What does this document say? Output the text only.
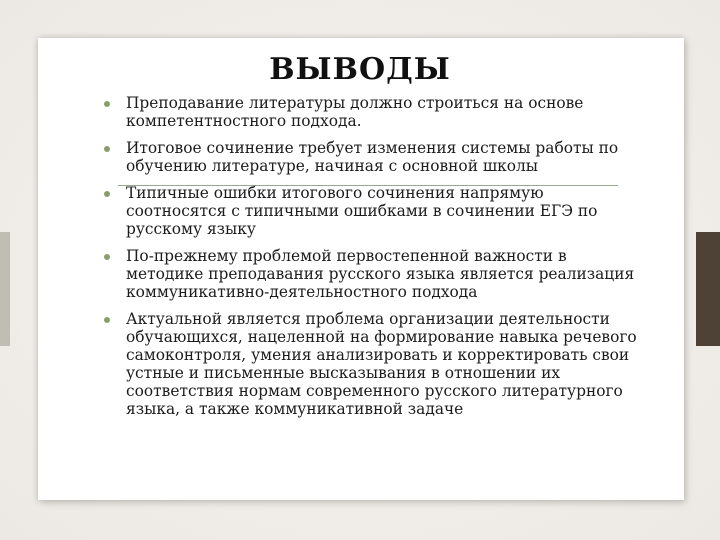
ВЫВОДЫ
Преподавание литературы должно строиться на основе компетентностного подхода.
Итоговое сочинение требует изменения системы работы по обучению литературе, начиная с основной школы
Типичные ошибки итогового сочинения напрямую соотносятся с типичными ошибками в сочинении ЕГЭ по русскому языку
По-прежнему проблемой первостепенной важности в методике преподавания русского языка является реализация коммуникативно-деятельностного подхода
Актуальной является проблема организации деятельности обучающихся, нацеленной на формирование навыка речевого самоконтроля, умения анализировать и корректировать свои устные и письменные высказывания в отношении их соответствия нормам современного русского литературного языка, а также коммуникативной задаче
